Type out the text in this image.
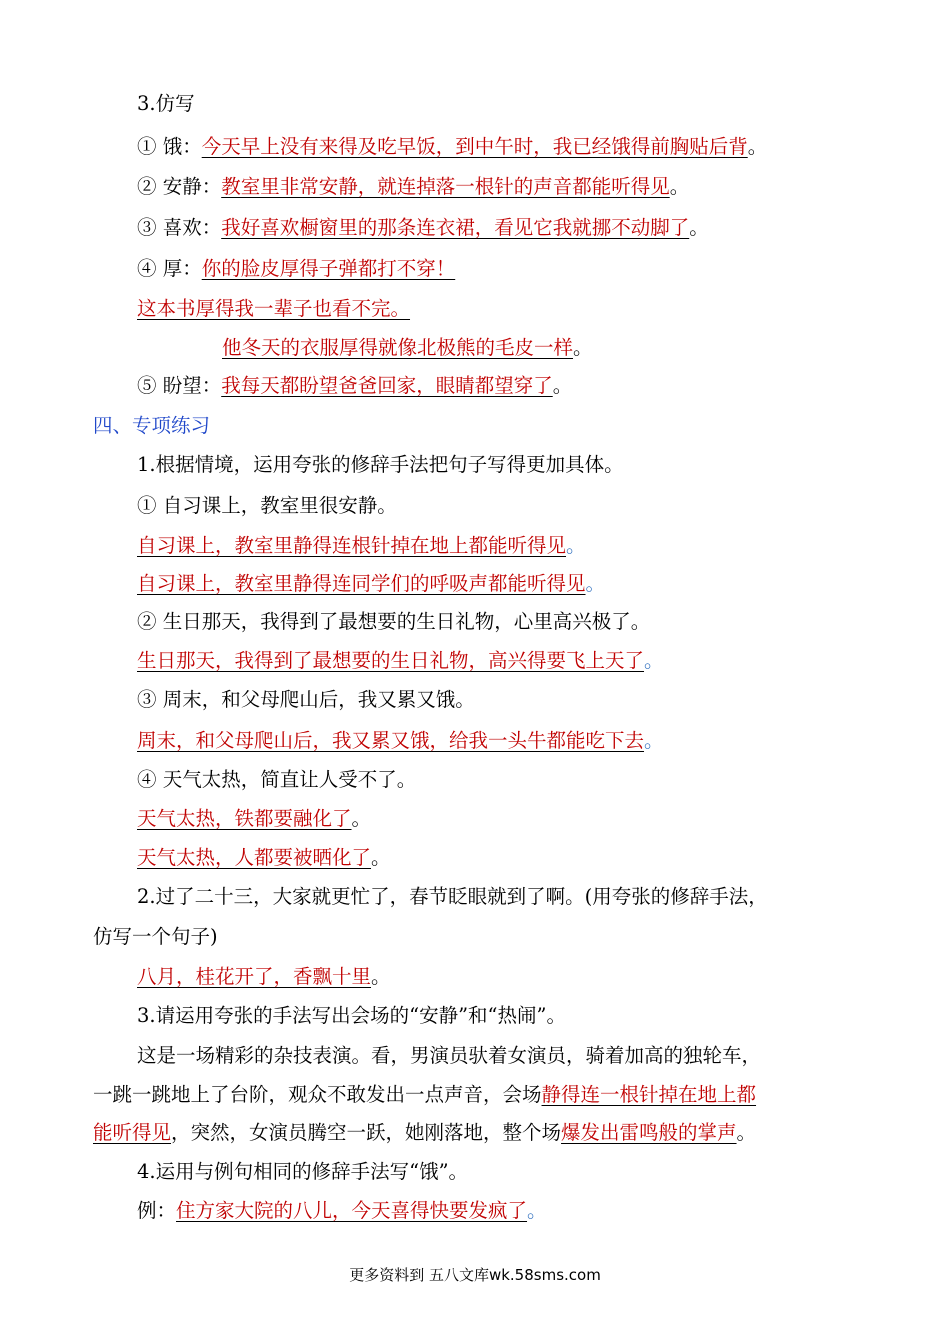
3.仿写
① 饿：今天早上没有来得及吃早饭，到中午时，我已经饿得前胸贴后背。
② 安静：教室里非常安静，就连掉落一根针的声音都能听得见。
③ 喜欢：我好喜欢橱窗里的那条连衣裙，看见它我就挪不动脚了。
④ 厚：你的脸皮厚得子弹都打不穿！
这本书厚得我一辈子也看不完。
他冬天的衣服厚得就像北极熊的毛皮一样。
⑤ 盼望：我每天都盼望爸爸回家，眼睛都望穿了。
四、专项练习
1.根据情境，运用夸张的修辞手法把句子写得更加具体。
① 自习课上，教室里很安静。
自习课上，教室里静得连根针掉在地上都能听得见。
自习课上，教室里静得连同学们的呼吸声都能听得见。
② 生日那天，我得到了最想要的生日礼物，心里高兴极了。
生日那天，我得到了最想要的生日礼物，高兴得要飞上天了。
③ 周末，和父母爬山后，我又累又饿。
周末，和父母爬山后，我又累又饿，给我一头牛都能吃下去。
④ 天气太热，简直让人受不了。
天气太热，铁都要融化了。
天气太热，人都要被晒化了。
2.过了二十三，大家就更忙了，春节眨眼就到了啊。(用夸张的修辞手法，
仿写一个句子)
八月，桂花开了，香飘十里。
3.请运用夸张的手法写出会场的“安静”和“热闹”。
这是一场精彩的杂技表演。看，男演员驮着女演员，骑着加高的独轮车，
一跳一跳地上了台阶，观众不敢发出一点声音，会场静得连一根针掉在地上都
能听得见，突然，女演员腾空一跃，她刚落地，整个场爆发出雷鸣般的掌声。
4.运用与例句相同的修辞手法写“饿”。
例：住方家大院的八儿，今天喜得快要发疯了。
更多资料到 五八文库wk.58sms.com
